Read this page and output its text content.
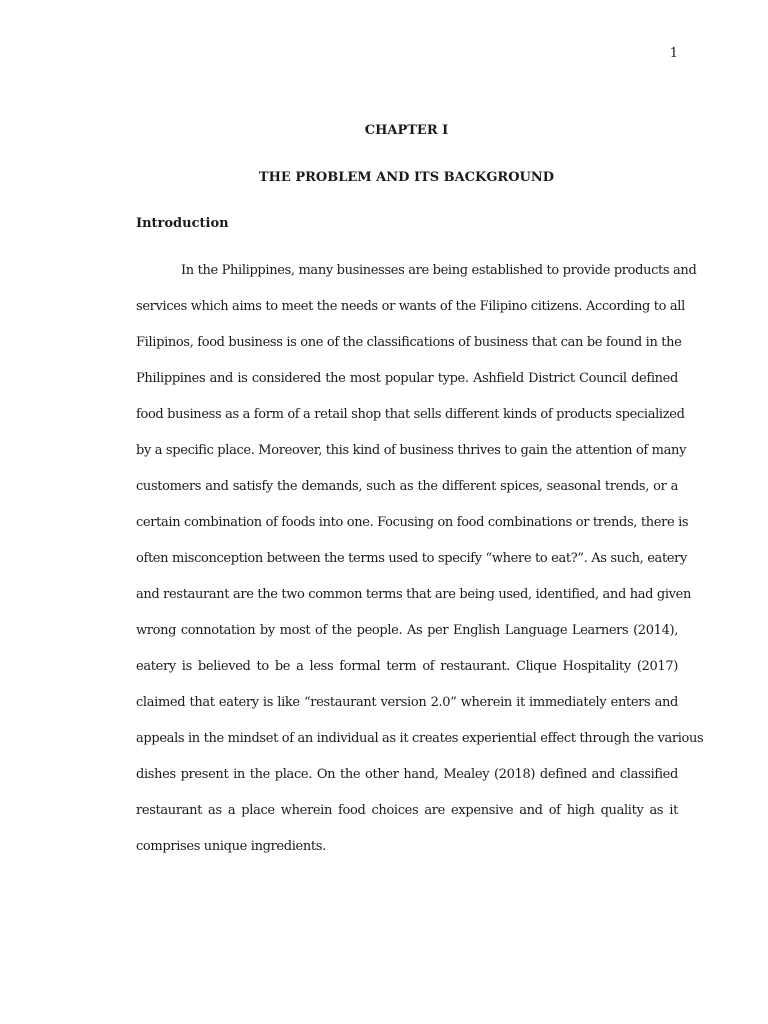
1
CHAPTER I
THE PROBLEM AND ITS BACKGROUND
Introduction
In the Philippines, many businesses are being established to provide products and
services which aims to meet the needs or wants of the Filipino citizens. According to all
Filipinos, food business is one of the classifications of business that can be found in the
Philippines and is considered the most popular type. Ashfield District Council defined
food business as a form of a retail shop that sells different kinds of products specialized
by a specific place. Moreover, this kind of business thrives to gain the attention of many
customers and satisfy the demands, such as the different spices, seasonal trends, or a
certain combination of foods into one. Focusing on food combinations or trends, there is
often misconception between the terms used to specify “where to eat?”. As such, eatery
and restaurant are the two common terms that are being used, identified, and had given
wrong connotation by most of the people. As per English Language Learners (2014),
eatery is believed to be a less formal term of restaurant. Clique Hospitality (2017)
claimed that eatery is like “restaurant version 2.0” wherein it immediately enters and
appeals in the mindset of an individual as it creates experiential effect through the various
dishes present in the place. On the other hand, Mealey (2018) defined and classified
restaurant as a place wherein food choices are expensive and of high quality as it
comprises unique ingredients.
